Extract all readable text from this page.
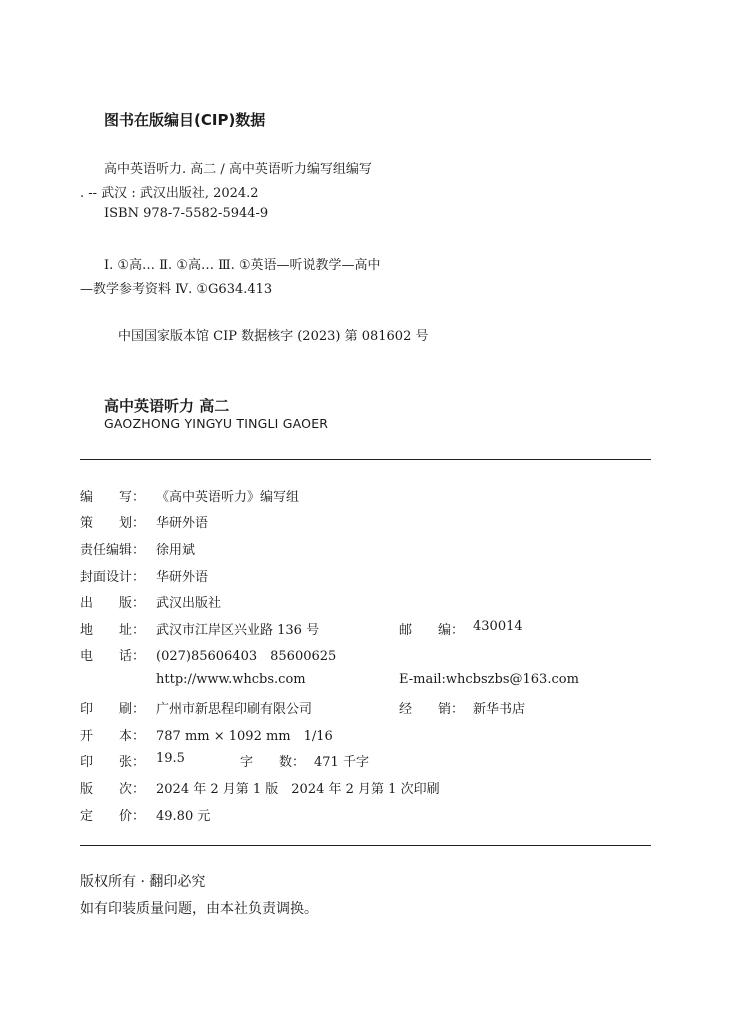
图书在版编目(CIP)数据
高中英语听力. 高二 / 高中英语听力编写组编写
. -- 武汉 : 武汉出版社, 2024.2
ISBN 978-7-5582-5944-9
Ⅰ. ①高… Ⅱ. ①高… Ⅲ. ①英语—听说教学—高中
—教学参考资料 Ⅳ. ①G634.413
中国国家版本馆 CIP 数据核字 (2023) 第 081602 号
高中英语听力 高二
GAOZHONG YINGYU TINGLI GAOER
编　　写： 《高中英语听力》编写组
策　　划： 华研外语
责任编辑： 徐用斌
封面设计： 华研外语
出　　版： 武汉出版社
地　　址： 武汉市江岸区兴业路 136 号	邮　　编： 430014
电　　话： (027)85606403　85600625
http://www.whcbs.com	E-mail:whcbszbs@163.com
印　　刷： 广州市新思程印刷有限公司	经　　销： 新华书店
开　　本： 787 mm × 1092 mm　1/16
印　　张： 19.5	字　　数： 471 千字
版　　次： 2024 年 2 月第 1 版　2024 年 2 月第 1 次印刷
定　　价： 49.80 元
版权所有 · 翻印必究
如有印装质量问题，由本社负责调换。
